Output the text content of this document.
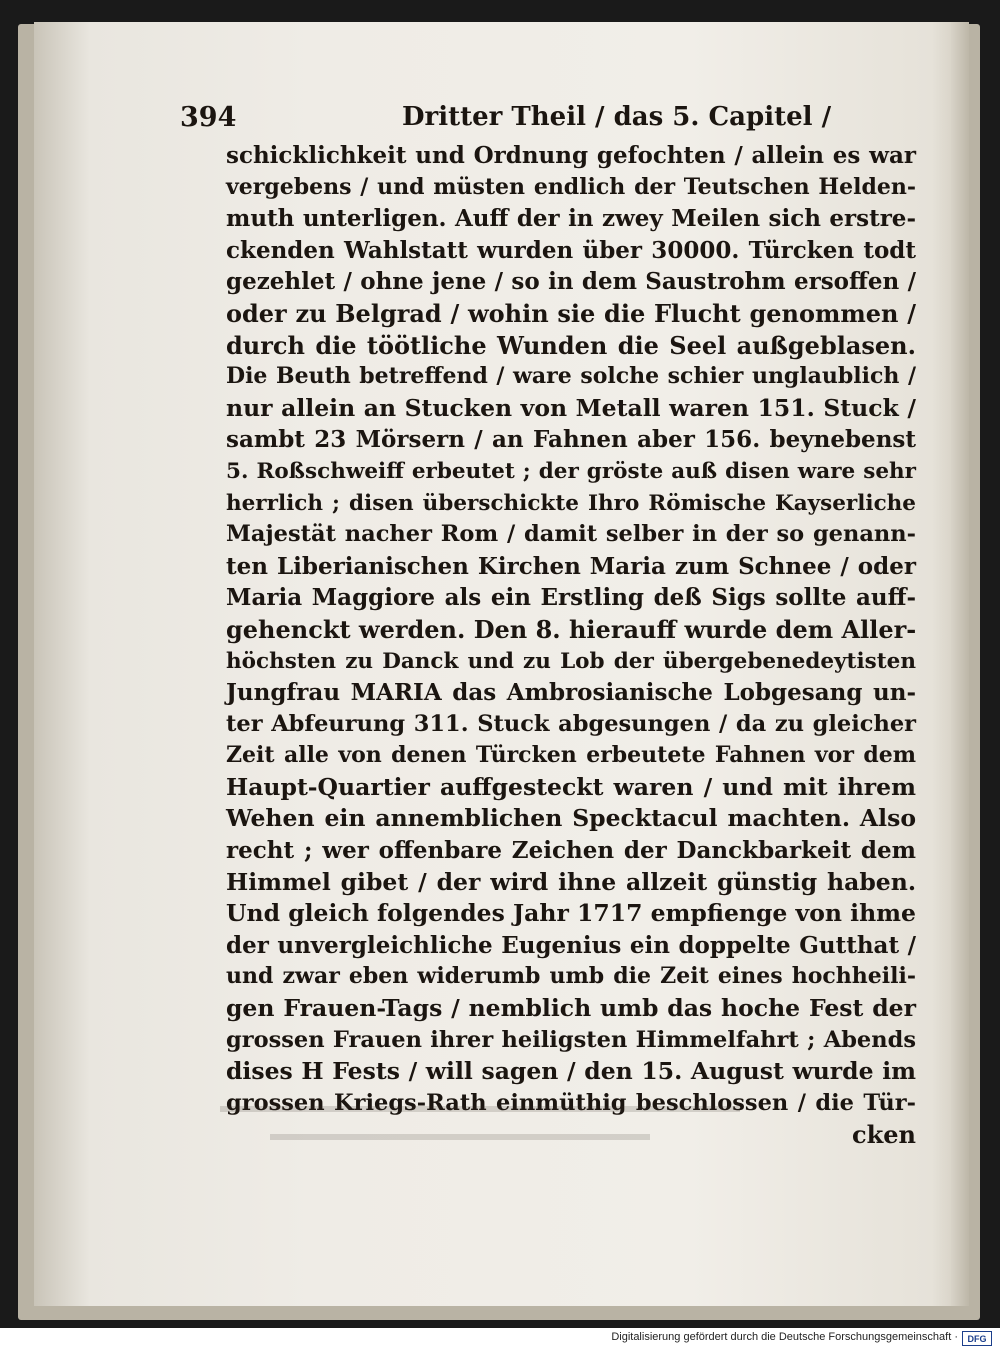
394	Dritter Theil / das 5. Capitel /
schicklichkeit und Ordnung gefochten / allein es war
vergebens / und müsten endlich der Teutschen Helden-
muth unterligen. Auff der in zwey Meilen sich erstre-
ckenden Wahlstatt wurden über 30000. Türcken todt
gezehlet / ohne jene / so in dem Saustrohm ersoffen /
oder zu Belgrad / wohin sie die Flucht genommen /
durch die töötliche Wunden die Seel außgeblasen.
Die Beuth betreffend / ware solche schier unglaublich /
nur allein an Stucken von Metall waren 151. Stuck /
sambt 23 Mörsern / an Fahnen aber 156. beynebenst
5. Roßschweiff erbeutet ; der gröste auß disen ware sehr
herrlich ; disen überschickte Ihro Römische Kayserliche
Majestät nacher Rom / damit selber in der so genann-
ten Liberianischen Kirchen Maria zum Schnee / oder
Maria Maggiore als ein Erstling deß Sigs sollte auff-
gehenckt werden. Den 8. hierauff wurde dem Aller-
höchsten zu Danck und zu Lob der übergebenedeytisten
Jungfrau MARIA das Ambrosianische Lobgesang un-
ter Abfeurung 311. Stuck abgesungen / da zu gleicher
Zeit alle von denen Türcken erbeutete Fahnen vor dem
Haupt-Quartier auffgesteckt waren / und mit ihrem
Wehen ein annemblichen Specktacul machten. Also
recht ; wer offenbare Zeichen der Danckbarkeit dem
Himmel gibet / der wird ihne allzeit günstig haben.
Und gleich folgendes Jahr 1717 empfienge von ihme
der unvergleichliche Eugenius ein doppelte Gutthat /
und zwar eben widerumb umb die Zeit eines hochheili-
gen Frauen-Tags / nemblich umb das hoche Fest der
grossen Frauen ihrer heiligsten Himmelfahrt ; Abends
dises H Fests / will sagen / den 15. August wurde im
grossen Kriegs-Rath einmüthig beschlossen / die Tür-
cken
Digitalisierung gefördert durch die Deutsche Forschungsgemeinschaft ·	DFG
